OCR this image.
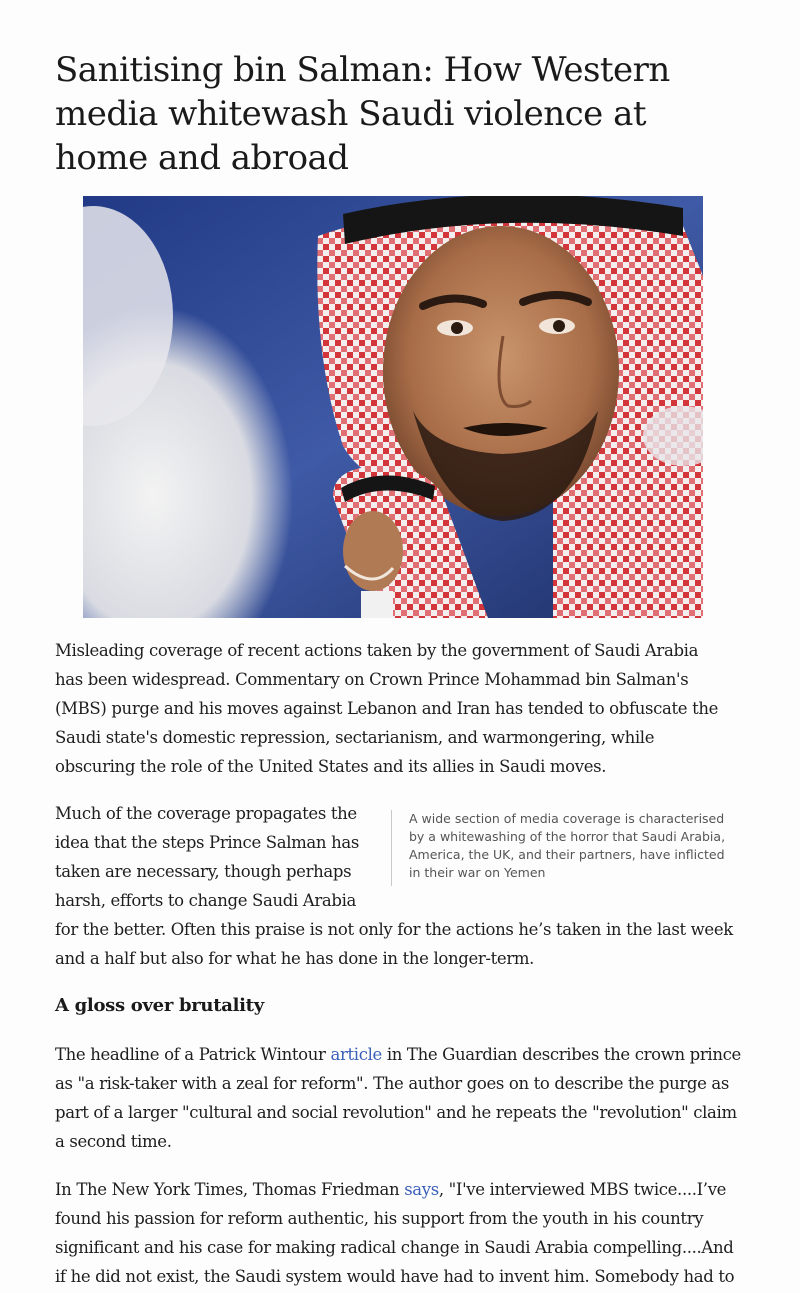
Sanitising bin Salman: How Western media whitewash Saudi violence at home and abroad

Misleading coverage of recent actions taken by the government of Saudi Arabia has been widespread. Commentary on Crown Prince Mohammad bin Salman's (MBS) purge and his moves against Lebanon and Iran has tended to obfuscate the Saudi state's domestic repression, sectarianism, and warmongering, while obscuring the role of the United States and its allies in Saudi moves.

Much of the coverage propagates the idea that the steps Prince Salman has taken are necessary, though perhaps harsh, efforts to change Saudi Arabia

A wide section of media coverage is characterised by a whitewashing of the horror that Saudi Arabia, America, the UK, and their partners, have inflicted in their war on Yemen

for the better. Often this praise is not only for the actions he’s taken in the last week and a half but also for what he has done in the longer-term.

A gloss over brutality

The headline of a Patrick Wintour article in The Guardian describes the crown prince as "a risk-taker with a zeal for reform". The author goes on to describe the purge as part of a larger "cultural and social revolution" and he repeats the "revolution" claim a second time.

In The New York Times, Thomas Friedman says, "I've interviewed MBS twice....I’ve found his passion for reform authentic, his support from the youth in his country significant and his case for making radical change in Saudi Arabia compelling....And if he did not exist, the Saudi system would have had to invent him. Somebody had to
